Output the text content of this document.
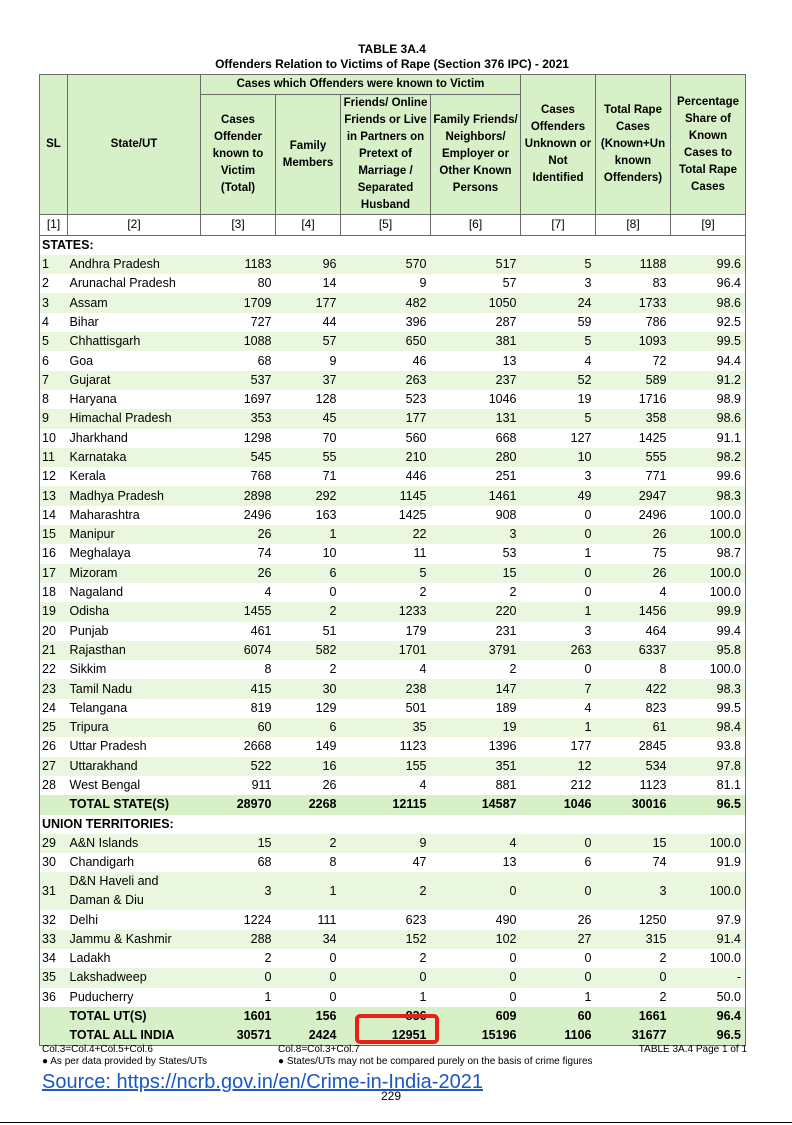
TABLE 3A.4
Offenders Relation to Victims of Rape (Section 376 IPC) - 2021
SL	State/UT	Cases which Offenders were known to Victim				Cases Offenders Unknown or Not Identified	Total Rape Cases (Known+Un known Offenders)	Percentage Share of Known Cases to Total Rape Cases
		Cases Offender known to Victim (Total)	Family Members	Friends/ Online Friends or Live in Partners on Pretext of Marriage / Separated Husband	Family Friends/ Neighbors/ Employer or Other Known Persons			
[1]	[2]	[3]	[4]	[5]	[6]	[7]	[8]	[9]
STATES:								
1	Andhra Pradesh	1183	96	570	517	5	1188	99.6
2	Arunachal Pradesh	80	14	9	57	3	83	96.4
3	Assam	1709	177	482	1050	24	1733	98.6
4	Bihar	727	44	396	287	59	786	92.5
5	Chhattisgarh	1088	57	650	381	5	1093	99.5
6	Goa	68	9	46	13	4	72	94.4
7	Gujarat	537	37	263	237	52	589	91.2
8	Haryana	1697	128	523	1046	19	1716	98.9
9	Himachal Pradesh	353	45	177	131	5	358	98.6
10	Jharkhand	1298	70	560	668	127	1425	91.1
11	Karnataka	545	55	210	280	10	555	98.2
12	Kerala	768	71	446	251	3	771	99.6
13	Madhya Pradesh	2898	292	1145	1461	49	2947	98.3
14	Maharashtra	2496	163	1425	908	0	2496	100.0
15	Manipur	26	1	22	3	0	26	100.0
16	Meghalaya	74	10	11	53	1	75	98.7
17	Mizoram	26	6	5	15	0	26	100.0
18	Nagaland	4	0	2	2	0	4	100.0
19	Odisha	1455	2	1233	220	1	1456	99.9
20	Punjab	461	51	179	231	3	464	99.4
21	Rajasthan	6074	582	1701	3791	263	6337	95.8
22	Sikkim	8	2	4	2	0	8	100.0
23	Tamil Nadu	415	30	238	147	7	422	98.3
24	Telangana	819	129	501	189	4	823	99.5
25	Tripura	60	6	35	19	1	61	98.4
26	Uttar Pradesh	2668	149	1123	1396	177	2845	93.8
27	Uttarakhand	522	16	155	351	12	534	97.8
28	West Bengal	911	26	4	881	212	1123	81.1
	TOTAL STATE(S)	28970	2268	12115	14587	1046	30016	96.5
UNION TERRITORIES:								
29	A&N Islands	15	2	9	4	0	15	100.0
30	Chandigarh	68	8	47	13	6	74	91.9
31	D&N Haveli and Daman & Diu	3	1	2	0	0	3	100.0
32	Delhi	1224	111	623	490	26	1250	97.9
33	Jammu & Kashmir	288	34	152	102	27	315	91.4
34	Ladakh	2	0	2	0	0	2	100.0
35	Lakshadweep	0	0	0	0	0	0	-
36	Puducherry	1	0	1	0	1	2	50.0
	TOTAL UT(S)	1601	156	836	609	60	1661	96.4
	TOTAL ALL INDIA	30571	2424	12951	15196	1106	31677	96.5
Col.3=Col.4+Col.5+Col.6	Col.8=Col.3+Col.7	TABLE 3A.4 Page 1 of 1
● As per data provided by States/UTs	● States/UTs may not be compared purely on the basis of crime figures
Source: https://ncrb.gov.in/en/Crime-in-India-2021
229
